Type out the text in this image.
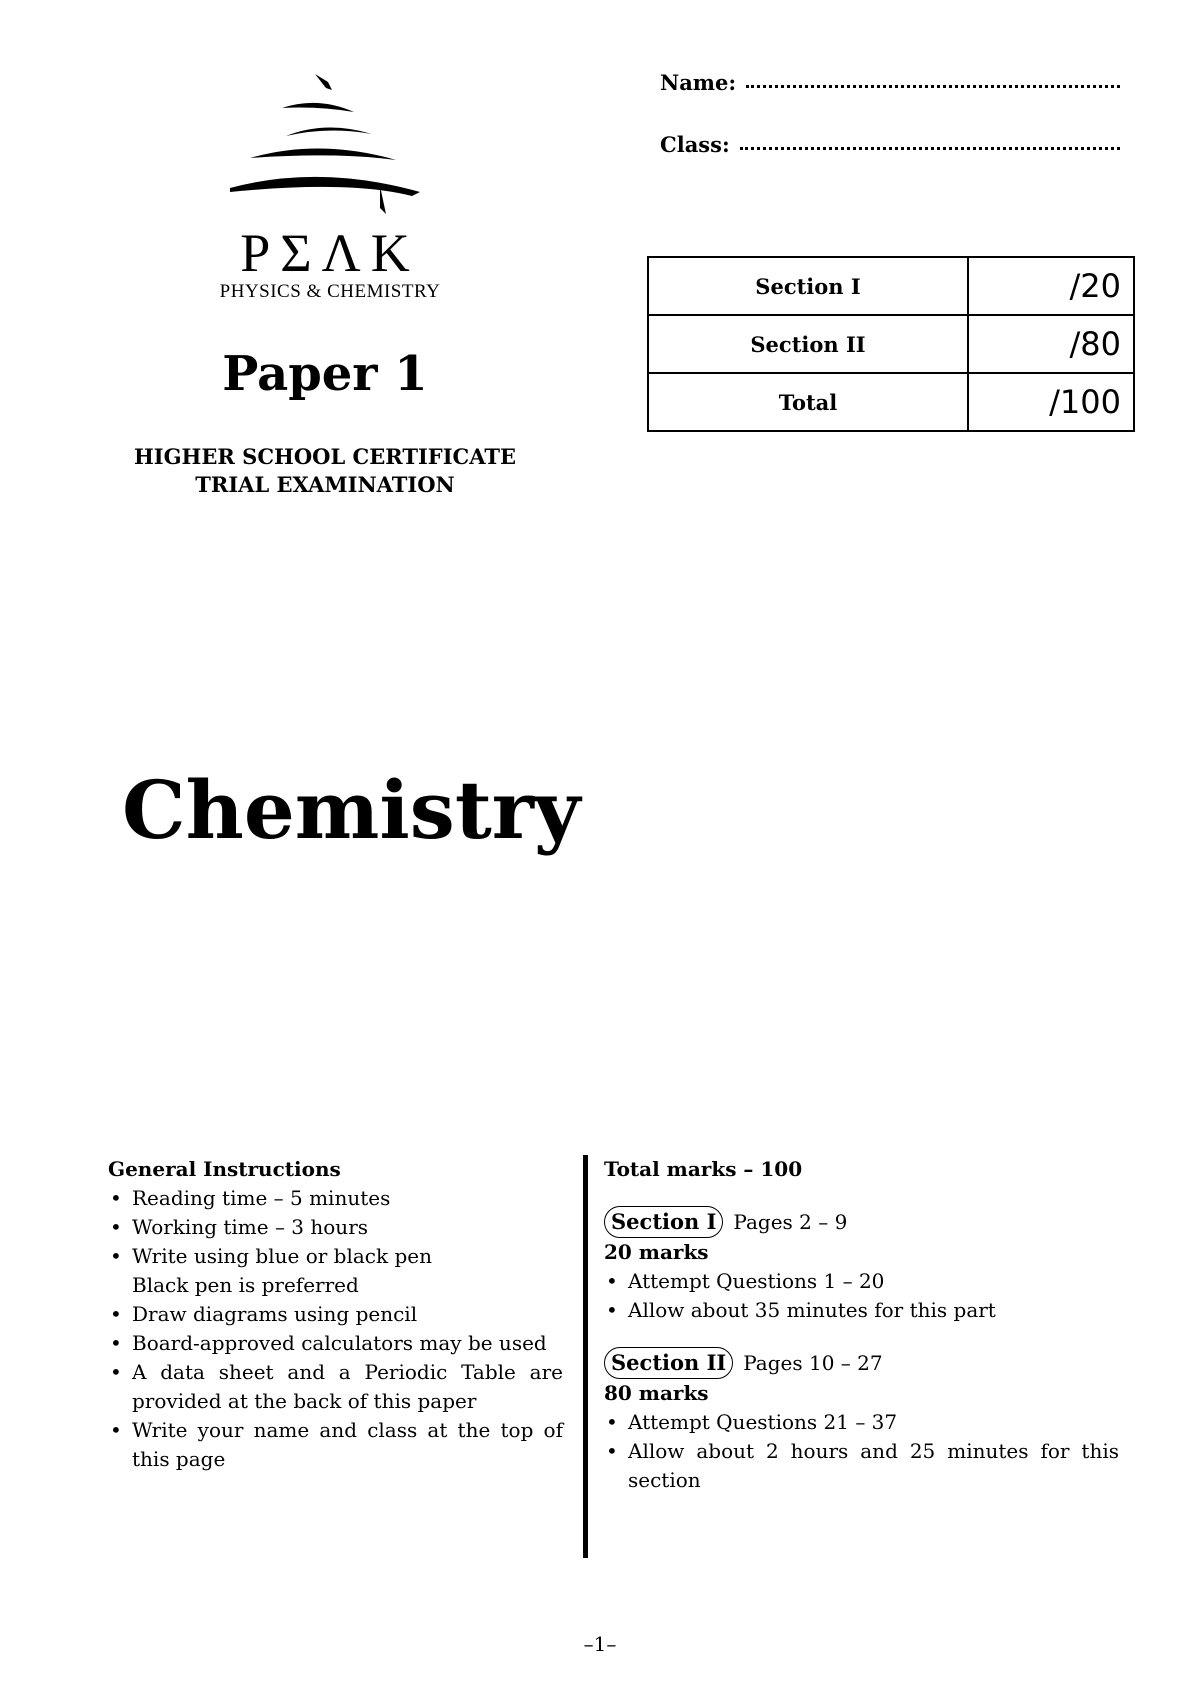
PΣΛK
PHYSICS & CHEMISTRY
Paper 1
HIGHER SCHOOL CERTIFICATE
TRIAL EXAMINATION
Name:
Class:
Section I	/20
Section II	/80
Total	/100
Chemistry
General Instructions
• Reading time – 5 minutes
• Working time – 3 hours
• Write using blue or black pen
Black pen is preferred
• Draw diagrams using pencil
• Board-approved calculators may be used
• A data sheet and a Periodic Table are provided at the back of this paper
• Write your name and class at the top of this page
Total marks – 100
Section I Pages 2 – 9
20 marks
• Attempt Questions 1 – 20
• Allow about 35 minutes for this part
Section II Pages 10 – 27
80 marks
• Attempt Questions 21 – 37
• Allow about 2 hours and 25 minutes for this section
–1–
